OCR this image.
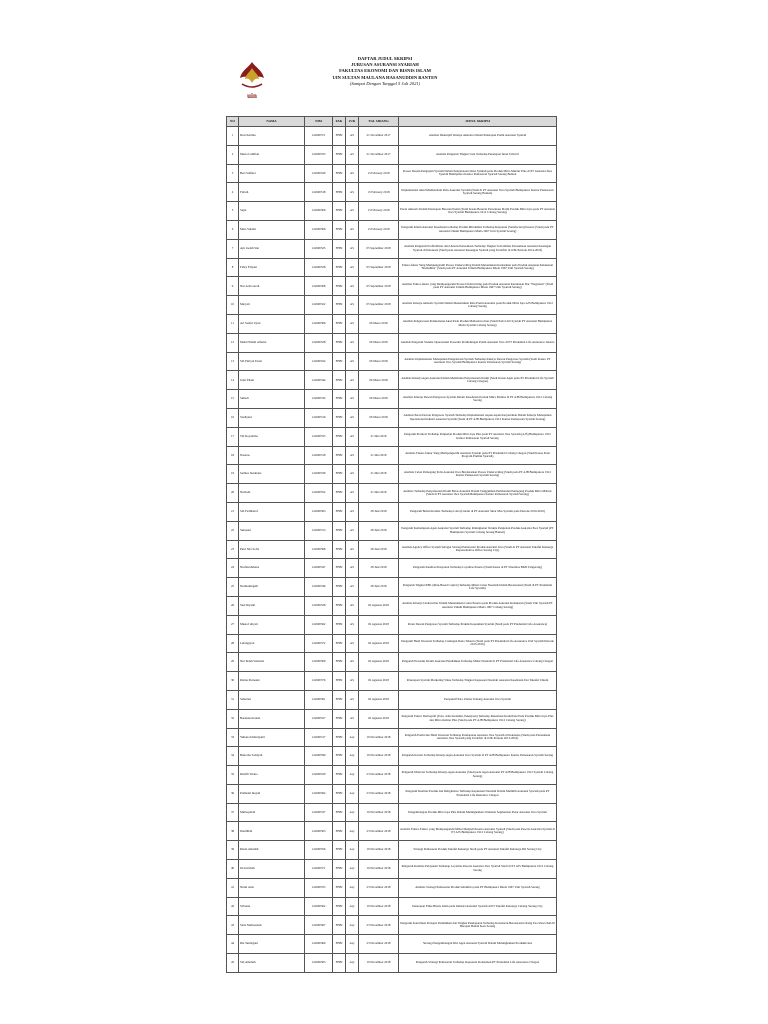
uin
DAFTAR JUDUL SKRIPSI
JURUSAN ASURANSI SYARIAH
FAKULTAS EKONOMI DAN BISNIS ISLAM
UIN SULTAN MAULANA HASANUDDIN BANTEN
(Sampai Dengan Tanggal 5 Juli 2021)
NO	NAMA	NIM	FAK	JUR	TGL SIDANG	JUDUL SKRIPSI
1	Desi Karmia	141600371	FEBI	AS	21 November 2017	Analisis Deskriptif Kinerja Aktuaria Dalam Penetapan Premi Asuransi Syariah
2	Mesta Luthfiati	141600355	FEBI	AS	21 November 2017	Analisis Pengaruh Tingkat Usia Terhadap Penetapan Iuran Tabarru'
3	Heri Saifikri	141600329	FEBI	AS	13 February 2018	Proses Desain Pengujian Syariah Dalam Pengelolaan Dana Syirkah pada Produk Mitra Mabrur Plus di PT Asuransi Jiwa Syariah Bumiputera Kantor Pemasaran Syariah Serang Banten
4	Fitriah	141600318	FEBI	AS	13 February 2018	Implementasi Akad Mudharabah Pada Asuransi Syariah (Studi di PT Asuransi Jiwa Syariah Bumiputera Kantor Pemasaran Syariah Serang Banten)
5	Sapti	141600309	FEBI	AS	13 February 2018	Peran Aktuaris Dalam Penetapan Besaran Premi (Studi Kasus Besaran Persentase Premi Produk Mitra Iqra pada PT Asuransi Jiwa Syariah Bumiputera 1912 Cabang Serang)
6	Meta Sulami	141600306	FEBI	AS	13 February 2018	Pengaruh Klaim Asuransi Kesehatan terhadap Produk Mitrakhlas Terhadap Kepuasan (Satisfaction) Peserta (Studi pada PT Asuransi Umum Bumiputera Muda 1967 Unit Syariah Serang)
7	Ayu Jaelah Siat	141600325	FEBI	AS	05 September 2018	Analisis Pengaruh Profitabilitas dan Ukuran Perusahaan Terhadap Tingkat Solvabilitas Perusahaan Asuransi Keuangan Syariah di Indonesia (Studi pada Asuransi Keuangan Syariah yang Terdaftar di OJK Periode 2014-2016)
8	Fahry Eliyani	141600328	FEBI	AS	05 September 2018	Faktor-faktor Yang Mempengaruhi Proses Underwriting Dalam Menentukan Keabsahan pada Produk Asuransi Kebakaran "RumahKu" (Studi pada PT Asuransi Umum Bumiputera Muda 1967 Unit Syariah Serang)
9	Nur Ardia Arah	141600308	FEBI	AS	05 September 2018	Analisis Faktor-faktor yang Mempengaruhi Proses Underwriting pada Produk Asuransi Kendaraan Dar "Nagarkan" (Studi pada PT Asuransi Umum Bumiputera Muda 1967 Unit Syariah Serang)
10	Maryati	141600322	FEBI	AS	05 September 2018	Analisis Kinerja Aktuaris Syariah Dalam Menentukan Rata Premi Asuransi pada Produk Mitra Iqra AJS Bumiputera 1912 Cabang Serang
11	Ari Saeful Uyun	141600366	FEBI	AS	06 Maret 2018	Analisis Pengawasan Pelaksanaan Akad Pada Produk Mahasiswa Iuas (Studi Pada Unit Syariah PT Asuransi Bumiputera Muda Syariah Cabang Serang)
12	Mohd Wahid Alfarizi	141600328	FEBI	AS	06 Maret 2018	Analisis Pengaruh Standar Operasional Prosedur Perlindungan Premi Asuransi Jiwa di PT Prudential Life Assurance Jakarta
13	Siti Fitriyal Fauzi	141600324	FEBI	AS	06 Maret 2018	Analisis Implementasi Manajemen Pengelolaan Syariah Terhadap Kinerja Dewan Pengawas Syariah (Studi Kasus: PT Asuransi Jiwa Syariah Bumiputera Kantor Pemasaran Syariah Serang)
14	Julia Yilani	141600344	FEBI	AS	06 Maret 2018	Analisis Kinerja Agen Asuransi Dalam Membantu Penyelesaian Klaim (Studi Kasus Agen pada PT Prudential Life Syariah Cabang Cilegon)
15	Suhadi	141600334	FEBI	AS	06 Maret 2018	Analisis Kinerja Dewan Pengawas Syariah Dalam Kesehatan Produk Mitra Mabrur di PT AJB Bumiputera 1912 Cabang Serang
16	Stadiyani	141600316	FEBI	AS	06 Maret 2018	Analisis Peran Dewan Pengawas Syariah Terhadap Implementasi Aspek-aspek Kesyariahan Dalam Kinerja Manajemen Operasional Industri Asuransi Syariah (Studi di PT AJB Bumiputera 1912 Kantor Pemasaran Syariah Serang)
17	Titi Royantina	141600355	FEBI	AS	21 Mei 2018	Pengaruh Promosi Terhadap Penjualan Produk Mitra Iqra Plus pada PT Asuransi Jiwa Syariah (AJS) Bumiputera 1912 Kantor Pemasaran Syariah Serang
18	Nasarso	141600318	FEBI	AS	21 Mei 2018	Analisis Faktor-faktor Yang Mempengaruhi Asuransi Syariah pada PT Prudential Cabang Cilegon (Studi Kasus Pada Program Prulink Syariah)
19	Semisa Susahana	141600339	FEBI	AS	21 Mei 2018	Analisis Calon Pemegang Polis Asuransi Jiwa Berdasarkan Proses Underwriting (Studi pada PT AJB Bumiputera 1912 Kantor Pemasaran Syariah Serang)
20	Nurbaiti	141600352	FEBI	AS	21 Mei 2018	Analisis Terhadap Penyelesaian Klaim Batas Asuransi Dalam Tanggulihan Pembatalan Pemegang Produk Mitra Mabrur (Studi di PT Asuransi Jiwa Syariah Bumiputera Kantor Pemasaran Syariah Serang)
21	Siti Fadillatrof	141600363	FEBI	AS	28 Juni 2018	Pengaruh Beban Komisi Terhadap Laba (Lialain di PT Asuransi Sinar Mas Syariah pada Periode 2010-2016)
22	Sukresni	141600313	FEBI	AS	28 Juni 2018	Pengaruh Kemampuan Agen Asuransi Syariah Terhadap Peningkatan Volume Penjualan Produk Asuransi Jiwa Syariah (PT Bumiputera Syariah Cabang Serang Banten)
23	Putri Sifa Sofia	141600368	FEBI	AS	28 Juni 2018	Analisis Agency Office System Sebagai Strategi Pemasaran Produk Asuransi Jiwa (Studi di PT Asuransi Takaful Keluarga Representative Office Serang City)
24	Nurfaizahdiana	141600347	FEBI	AS	28 Juni 2018	Pengaruh Kualitas Pelayanan Terhadap Loyalitas Peserta (Studi Kasus di PT Sinarmas BKD Tangerang)
25	Nurmuningsih	141600346	FEBI	AS	28 Juni 2018	Pengaruh Tingkat RBC (Risk-Based Capital) Terhadap Minat Calon Nasabah Dalam Berasuransi (Studi di PT Prudential Life Syariah)
26	Susi Riyanti	141600328	FEBI	AS	02 Agustus 2018	Analisis Kinerja Underwriter Dalam Menentukan Calon Peserta pada Produk Asuransi Kebakaran (Studi Unit Syariah PT Asuransi Umum Bumiputera Muda 1967 Cabang Serang)
27	Musrof uliyati	141600362	FEBI	AS	02 Agustus 2018	Peran Dewan Pengawas Syariah Terhadap Praktik Kepatuhan Syariah (Studi pada PT Prudential Life Assurance)
28	Lufangiyan	141600372	FEBI	AS	02 Agustus 2018	Pengaruh Hasil Investasi Terhadap Cadangan Dana Tabarru (Studi pada PT Prudential Life Assurance Unit Syariah Periode 2013-2016)
29	Nur Indah Sulastari	141600309	FEBI	AS	02 Agustus 2018	Pengaruh Prosedur Klaim Asuransi Pendidikan Terhadap Minat Nasabah di PT Prudential Life Assurance Cabang Cilegon
30	Ristna Purnaski	141600376	FEBI	AS	02 Agustus 2018	Penerapan Syariah Marketing Value Terhadap Tingkat Kepuasan Nasabah Asuransi Kesehatan Dar Takaful Umum
31	Sehartati	141600361	FEBI	AS	02 Agustus 2018	Perspektif Para Ulama Tentang Asuransi Jiwa Syariah
32	Baetianoviranda	141600327	FEBI	AS	02 Agustus 2018	Pengaruh Faktor Demografi (Usia, Jenis Kelamin, Pekerjaan) Terhadap Penentuan Kontribusi Pada Produk Mitra Iqra Plus dan Mitra mabrur Plus (Studi pada PT AJB Bumiputera 1912 Cabang Serang)
33	Yuliana Dahariyanti	141600317	FEBI	Asy	19 November 2018	Pengaruh Premi dan Hasil Investasi Terhadap Pendapatan Asuransi Jiwa Syariah di Indonesia (Studi pada Perusahaan Asuransi Jiwa Syariah yang Terdaftar di OJK Periode 2013-2016)
34	Bunorita Saddyah	141600390	FEBI	Asy	19 November 2018	Pengaruh Karatir Terhadap Kinerja Agen Asuransi Jiwa Syariah di PT AJB Bumiputera Kantor Pemasaran Syariah Serang
35	Khofih Triana	141600329	FEBI	Asy	23 November 2018	Pengaruh Motivasi Terhadap Kinerja Agen Asuransi (Studi pada Agen Asuransi PT AJB Bumiputera 1912 Syariah Cabang Serang)
36	Prahistul Inayah	141600364	FEBI	Asy	23 November 2018	Pengaruh Kualitas Produk dan Religiusitas Terhadap Keputusan Nasabah Dalam Memilih Asuransi Syariah pada PT Prudential Life Insurance Cilegon
37	Muttaqoliah	141600337	FEBI	Asy	19 November 2018	Pengembangan Produk Mitra iqra Plus Dalam Meningkatkan Orientasi Segmentasi Pasar Asuransi Jiwa Syariah
38	Ibnufillah	141600305	FEBI	Asy	23 November 2018	Analisis Faktor-Faktor yang Mempengaruhi Minat Menjadi Peserta Asuransi Syariah (Studi pada Peserta Asuransi Syariah di PT AJS Bumiputera 1912 Cabang Serang)
39	Rieda Amaliah	141600356	FEBI	Asy	19 November 2018	Strategi Pemasaran Produk Takaful Keluarga Studi pada PT Asuransi Takaful Keluarga RO Serang City
40	Iin Izzichah	141600371	FEBI	Asy	19 November 2018	Pengaruh Kualitas Pelayanan Terhadap Loyalitas Peserta Asuransi Jiwa Syariah Studi di PT AJS Bumiputera 1912 Cabang Serang
41	Nurul Aida	141600355	FEBI	Asy	23 November 2018	Analisis Strategi Pemasaran Produk SehatKita pada PT Bumiputera Muda 1967 Unit Syariah Serang
42	Silvania	141600362	FEBI	Asy	19 November 2018	Penerapan Etika Bisnis Islam pada Industri Asuransi Syariah di PT Takaful Keluarga Cabang Serang City
43	Sirzi Nurhasanah	141600367	FEBI	Asy	23 November 2018	Pengaruh Kontribusi Persepsi Pendidikan dan Tingkat Pendapatan Terhadap Kesadaran Berasuransi Orang Tua Siswa PAUD Harapan Bunda Kota Serang
44	Ria Sumirgani	141600360	FEBI	Asy	23 November 2018	Strategi Pengembangan Diri Agen Asuransi Syariah Dalam Meningkatkan Produktivitas
45	Siti Amaliah	141600365	FEBI	Asy	19 November 2018	Pengaruh Strategi Pemasaran Terhadap Kepuasan Konsumen PT Prudential Life Assurance Cilegon
